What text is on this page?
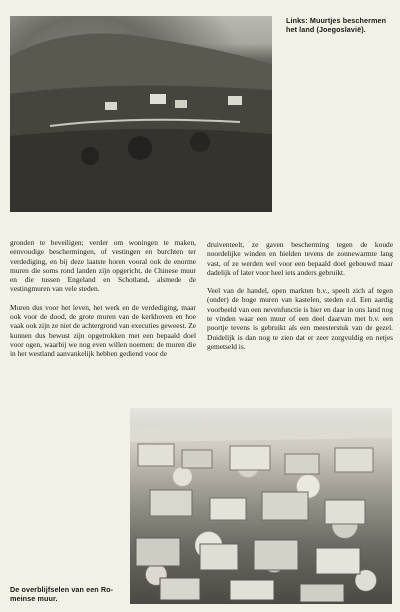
Links: Muurtjes beschermen het land (Joegoslavië).

gronden te beveiligen; verder om woningen te maken, eenvoudige beschermingen, of vestingen en burchten ter verdediging, en bij deze laatste horen vooral ook de enorme muren die soms rond landen zijn opgericht, de Chinese muur en die tussen Engeland en Schotland, alsmede de vestingmuren van vele steden.

Muren dus voor het leven, het werk en de verdediging, maar ook voor de dood, de grote muren van de kerkhoven en hoe vaak ook zijn ze niet de achtergrond van executies geweest. Ze kunnen dus bewust zijn opgetrokken met een bepaald doel voor ogen, waarbij we nog even willen noemen: de muren die in het westland aanvankelijk hebben gediend voor de

druiventeelt, ze gaven bescherming tegen de koude noordelijke winden en hielden tevens de zonnewarmte lang vast, of ze werden wel voor een bepaald doel gebouwd maar dadelijk of later voor heel iets anders gebruikt.

Veel van de handel, open markten b.v., speelt zich af tegen (onder) de hoge muren van kastelen, steden e.d. Een aardig voorbeeld van een nevenfunctie is hier en daar in ons land nog te vinden waar een muur of een deel daarvan met b.v. een poortje tevens is gebruikt als een meesterstuk van de gezel. Duidelijk is dan nog te zien dat er zeer zorgvuldig en netjes gemetseld is.

De overblijfselen van een Ro-meinse muur.
